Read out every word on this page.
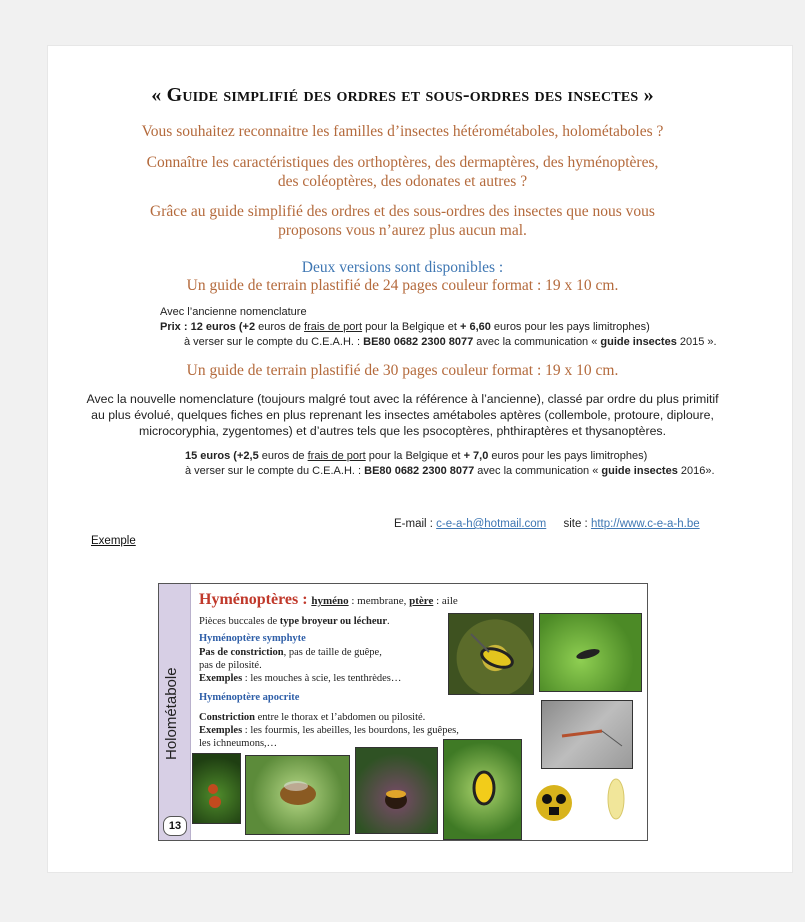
« Guide simplifié des ordres et sous-ordres des insectes »
Vous souhaitez reconnaitre les familles d’insectes hétérométaboles, holométaboles ?
Connaître les caractéristiques des orthoptères, des dermaptères, des hyménoptères,
des coléoptères, des odonates et autres ?
Grâce au guide simplifié des ordres et des sous-ordres des insectes que nous vous
proposons vous n’aurez plus aucun mal.
Deux versions sont disponibles :
Un guide de terrain plastifié de 24 pages couleur format : 19 x 10 cm.
Avec l’ancienne nomenclature
Prix : 12 euros (+2 euros de frais de port pour la Belgique et + 6,60 euros pour les pays limitrophes)
à verser sur le compte du C.E.A.H. : BE80 0682 2300 8077 avec la communication « guide insectes 2015 ».
Un guide de terrain plastifié de 30 pages couleur format : 19 x 10 cm.
Avec la nouvelle nomenclature (toujours malgré tout avec la référence à l’ancienne), classé par ordre du plus primitif
au plus évolué, quelques fiches en plus reprenant les insectes amétaboles aptères (collembole, protoure, diploure,
microcoryphia, zygentomes) et d’autres tels que les psocoptères, phthiraptères et thysanoptères.
15 euros (+2,5 euros de frais de port pour la Belgique et + 7,0 euros pour les pays limitrophes)
à verser sur le compte du C.E.A.H. : BE80 0682 2300 8077 avec la communication « guide insectes 2016».
E-mail : c-e-a-h@hotmail.com site : http://www.c-e-a-h.be
Exemple
Holométabole
13
Hyménoptères : hyméno : membrane, ptère : aile
Pièces buccales de type broyeur ou lécheur.
Hyménoptère symphyte
Pas de constriction, pas de taille de guêpe,
pas de pilosité.
Exemples : les mouches à scie, les tenthrèdes…
Hyménoptère apocrite
Constriction entre le thorax et l’abdomen ou pilosité.
Exemples : les fourmis, les abeilles, les bourdons, les guêpes,
les ichneumons,…
